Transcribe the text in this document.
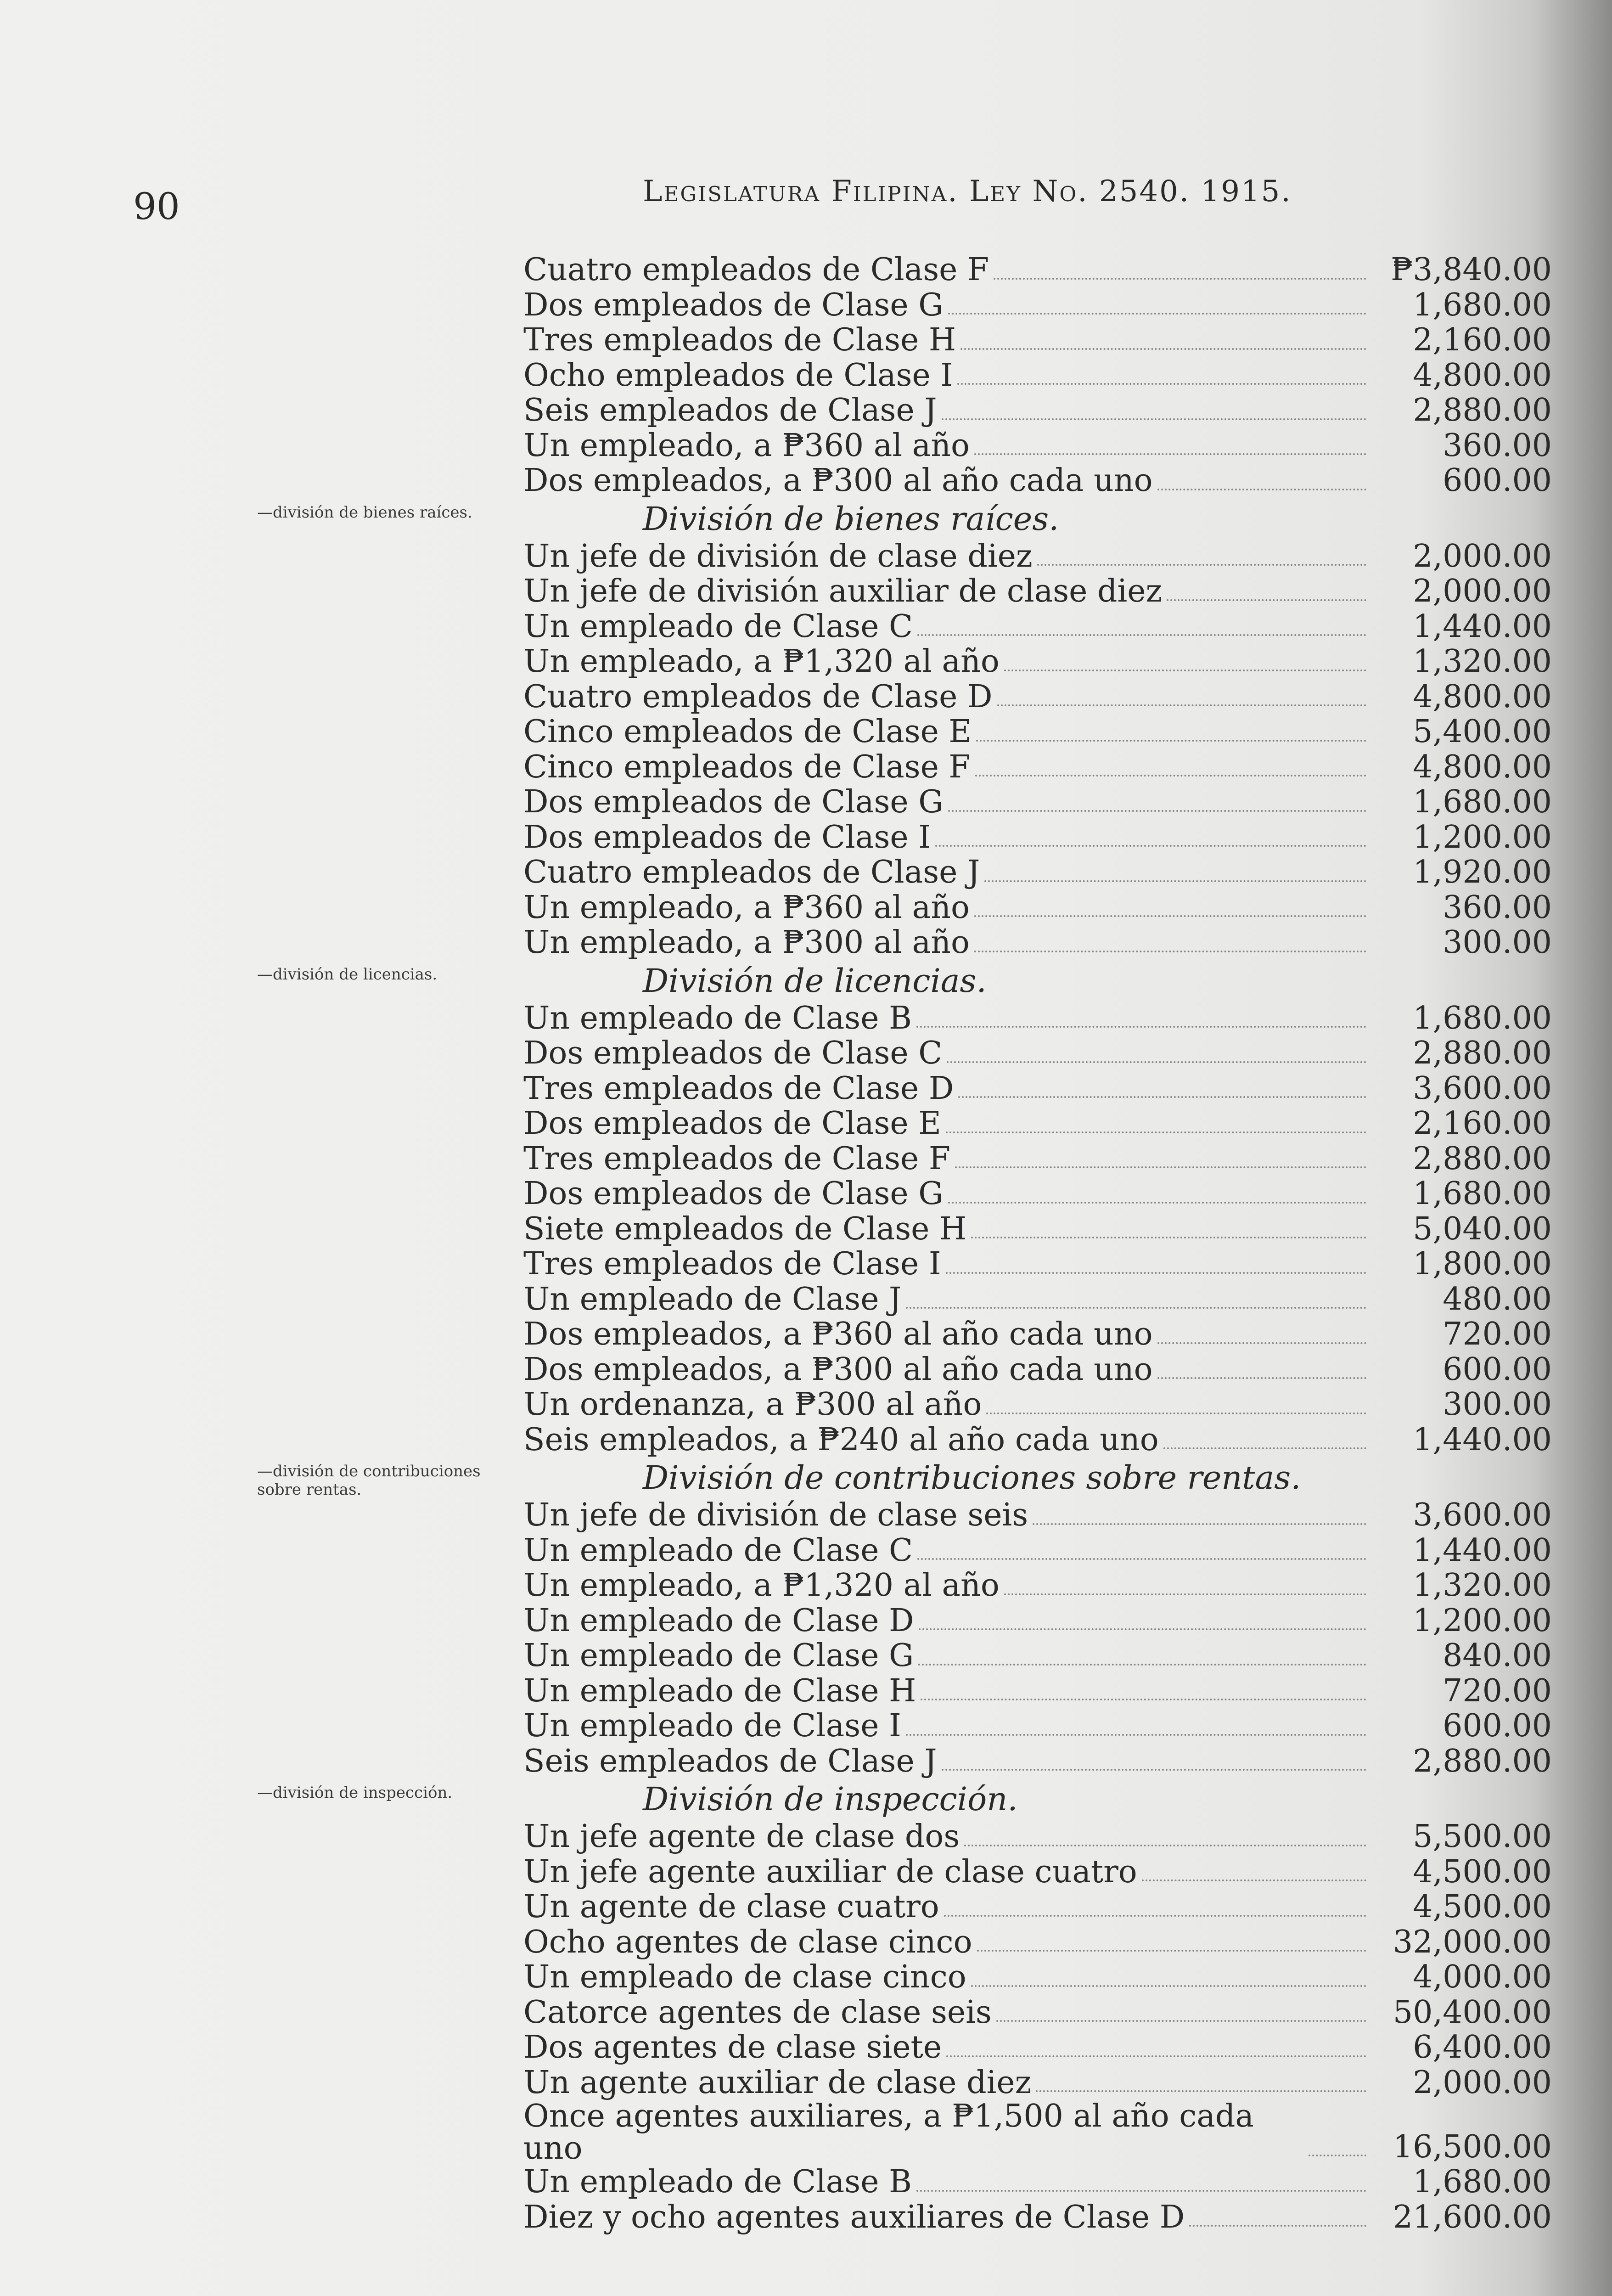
90	Legislatura Filipina. Ley No. 2540. 1915.
Cuatro empleados de Clase F	₱3,840.00
Dos empleados de Clase G	1,680.00
Tres empleados de Clase H	2,160.00
Ocho empleados de Clase I	4,800.00
Seis empleados de Clase J	2,880.00
Un empleado, a ₱360 al año	360.00
Dos empleados, a ₱300 al año cada uno	600.00
División de bienes raíces.
Un jefe de división de clase diez	2,000.00
Un jefe de división auxiliar de clase diez	2,000.00
Un empleado de Clase C	1,440.00
Un empleado, a ₱1,320 al año	1,320.00
Cuatro empleados de Clase D	4,800.00
Cinco empleados de Clase E	5,400.00
Cinco empleados de Clase F	4,800.00
Dos empleados de Clase G	1,680.00
Dos empleados de Clase I	1,200.00
Cuatro empleados de Clase J	1,920.00
Un empleado, a ₱360 al año	360.00
Un empleado, a ₱300 al año	300.00
División de licencias.
Un empleado de Clase B	1,680.00
Dos empleados de Clase C	2,880.00
Tres empleados de Clase D	3,600.00
Dos empleados de Clase E	2,160.00
Tres empleados de Clase F	2,880.00
Dos empleados de Clase G	1,680.00
Siete empleados de Clase H	5,040.00
Tres empleados de Clase I	1,800.00
Un empleado de Clase J	480.00
Dos empleados, a ₱360 al año cada uno	720.00
Dos empleados, a ₱300 al año cada uno	600.00
Un ordenanza, a ₱300 al año	300.00
Seis empleados, a ₱240 al año cada uno	1,440.00
División de contribuciones sobre rentas.
Un jefe de división de clase seis	3,600.00
Un empleado de Clase C	1,440.00
Un empleado, a ₱1,320 al año	1,320.00
Un empleado de Clase D	1,200.00
Un empleado de Clase G	840.00
Un empleado de Clase H	720.00
Un empleado de Clase I	600.00
Seis empleados de Clase J	2,880.00
División de inspección.
Un jefe agente de clase dos	5,500.00
Un jefe agente auxiliar de clase cuatro	4,500.00
Un agente de clase cuatro	4,500.00
Ocho agentes de clase cinco	32,000.00
Un empleado de clase cinco	4,000.00
Catorce agentes de clase seis	50,400.00
Dos agentes de clase siete	6,400.00
Un agente auxiliar de clase diez	2,000.00
Once agentes auxiliares, a ₱1,500 al año cada uno	16,500.00
Un empleado de Clase B	1,680.00
Diez y ocho agentes auxiliares de Clase D	21,600.00
—división de bienes raíces.
—división de licencias.
—división de contribuciones sobre rentas.
—división de inspección.
